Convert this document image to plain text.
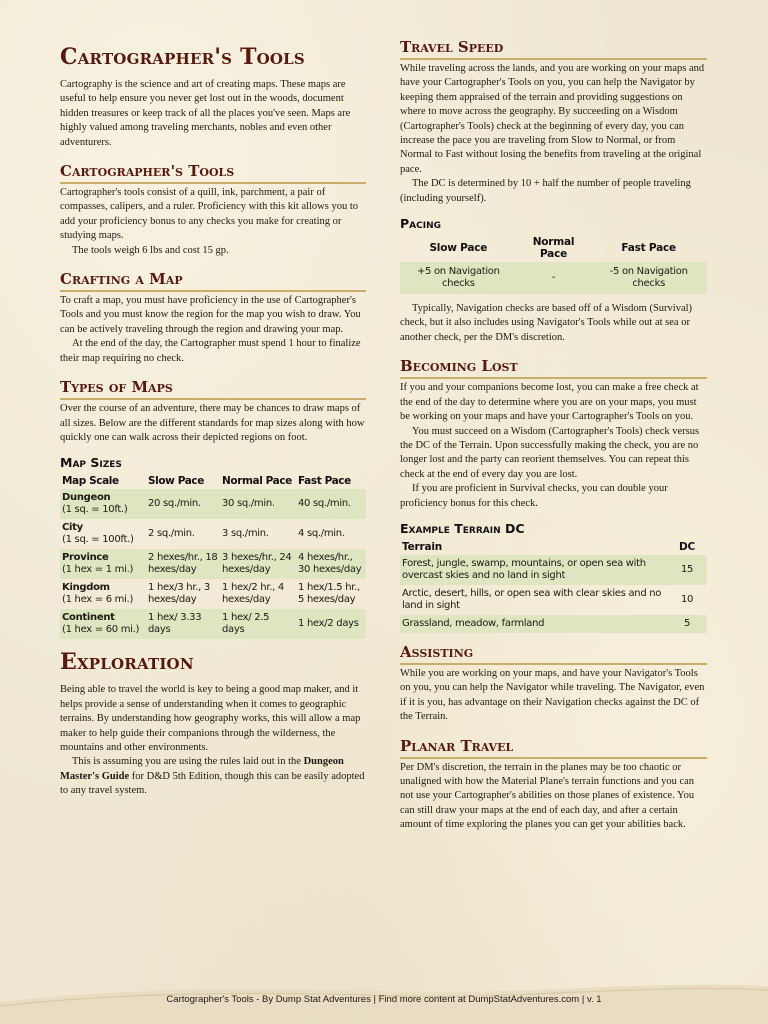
Cartographer's Tools

Cartography is the science and art of creating maps. These maps are useful to help ensure you never get lost out in the woods, document hidden treasures or keep track of all the places you've seen. Maps are highly valued among traveling merchants, nobles and even other adventurers.

Cartographer's Tools

Cartographer's tools consist of a quill, ink, parchment, a pair of compasses, calipers, and a ruler. Proficiency with this kit allows you to add your proficiency bonus to any checks you make for creating or studying maps.

The tools weigh 6 lbs and cost 15 gp.

Crafting a Map

To craft a map, you must have proficiency in the use of Cartographer's Tools and you must know the region for the map you wish to draw. You can be actively traveling through the region and drawing your map.

At the end of the day, the Cartographer must spend 1 hour to finalize their map requiring no check.

Types of Maps

Over the course of an adventure, there may be chances to draw maps of all sizes. Below are the different standards for map sizes along with how quickly one can walk across their depicted regions on foot.

Map Sizes
Map Scale	Slow Pace	Normal Pace	Fast Pace
Dungeon
(1 sq. = 10ft.)	20 sq./min.	30 sq./min.	40 sq./min.
City
(1 sq. = 100ft.)	2 sq./min.	3 sq./min.	4 sq./min.
Province
(1 hex = 1 mi.)	2 hexes/hr., 18 hexes/day	3 hexes/hr., 24 hexes/day	4 hexes/hr., 30 hexes/day
Kingdom
(1 hex = 6 mi.)	1 hex/3 hr., 3 hexes/day	1 hex/2 hr., 4 hexes/day	1 hex/1.5 hr., 5 hexes/day
Continent
(1 hex = 60 mi.)	1 hex/ 3.33 days	1 hex/ 2.5 days	1 hex/2 days
Exploration

Being able to travel the world is key to being a good map maker, and it helps provide a sense of understanding when it comes to geographic terrains. By understanding how geography works, this will allow a map maker to help guide their companions through the wilderness, the mountains and other environments.

This is assuming you are using the rules laid out in the Dungeon Master's Guide for D&D 5th Edition, though this can be easily adopted to any travel system.

Travel Speed

While traveling across the lands, and you are working on your maps and have your Cartographer's Tools on you, you can help the Navigator by keeping them appraised of the terrain and providing suggestions on where to move across the geography. By succeeding on a Wisdom (Cartographer's Tools) check at the beginning of every day, you can increase the pace you are traveling from Slow to Normal, or from Normal to Fast without losing the benefits from traveling at the original pace.

The DC is determined by 10 + half the number of people traveling (including yourself).

Pacing
Slow Pace	Normal Pace	Fast Pace
+5 on Navigation checks	-	-5 on Navigation checks

Typically, Navigation checks are based off of a Wisdom (Survival) check, but it also includes using Navigator's Tools while out at sea or another check, per the DM's discretion.

Becoming Lost

If you and your companions become lost, you can make a free check at the end of the day to determine where you are on your maps, you must be working on your maps and have your Cartographer's Tools on you.

You must succeed on a Wisdom (Cartographer's Tools) check versus the DC of the Terrain. Upon successfully making the check, you are no longer lost and the party can reorient themselves. You can repeat this check at the end of every day you are lost.

If you are proficient in Survival checks, you can double your proficiency bonus for this check.

Example Terrain DC
Terrain	DC
Forest, jungle, swamp, mountains, or open sea with overcast skies and no land in sight	15
Arctic, desert, hills, or open sea with clear skies and no land in sight	10
Grassland, meadow, farmland	5
Assisting

While you are working on your maps, and have your Navigator's Tools on you, you can help the Navigator while traveling. The Navigator, even if it is you, has advantage on their Navigation checks against the DC of the Terrain.

Planar Travel

Per DM's discretion, the terrain in the planes may be too chaotic or unaligned with how the Material Plane's terrain functions and you can not use your Cartographer's abilities on those planes of existence. You can still draw your maps at the end of each day, and after a certain amount of time exploring the planes you can get your abilities back.

Cartographer's Tools - By Dump Stat Adventures | Find more content at DumpStatAdventures.com | v. 1
